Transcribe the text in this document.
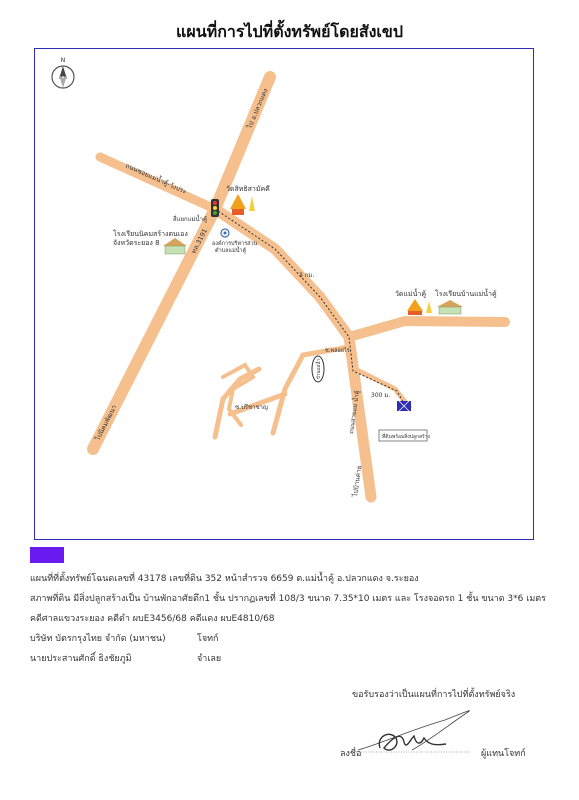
แผนที่การไปที่ตั้งทรัพย์โดยสังเขป
N
ไป อ.ปลวกแดง
ถนนซอยแม่น้ำคู้-วังประ
ทล.3191
ไปนิคมพัฒนา
ไปบ้านค่าย
ถนนสายแม่ น้ำคู้
ซ.ปรีชาชาญ
บ้านแม่น้ำ
สี่แยกแม่น้ำคู้
วัดสิทธิสามัคคี
โรงเรียนนิคมสร้างตนเอง
จังหวัดระยอง 8	องค์การบริหารส่วน
ตำบลแม่น้ำคู้
วัดแม่น้ำคู้ โรงเรียนบ้านแม่น้ำคู้
ซ.พลอยไร
ที่ดินพร้อมสิ่งปลูกสร้าง
3 กม.
300 ม.
แผนที่ที่ตั้งทรัพย์โฉนดเลขที่ 43178 เลขที่ดิน 352 หน้าสำรวจ 6659 ต.แม่น้ำคู้ อ.ปลวกแดง จ.ระยอง
สภาพที่ดิน มีสิ่งปลูกสร้างเป็น บ้านพักอาศัยตึก1 ชั้น ปรากฏเลขที่ 108/3 ขนาด 7.35*10 เมตร และ โรงจอดรถ 1 ชั้น ขนาด 3*6 เมตร
คดีศาลแขวงระยอง คดีดำ ผบE3456/68 คดีแดง ผบE4810/68
บริษัท บัตรกรุงไทย จำกัด (มหาชน)	โจทก์
นายประสานศักดิ์ ธิงชัยภูมิ	จำเลย
ขอรับรองว่าเป็นแผนที่การไปที่ตั้งทรัพย์จริง
ลงชื่อ	ผู้แทนโจทก์
